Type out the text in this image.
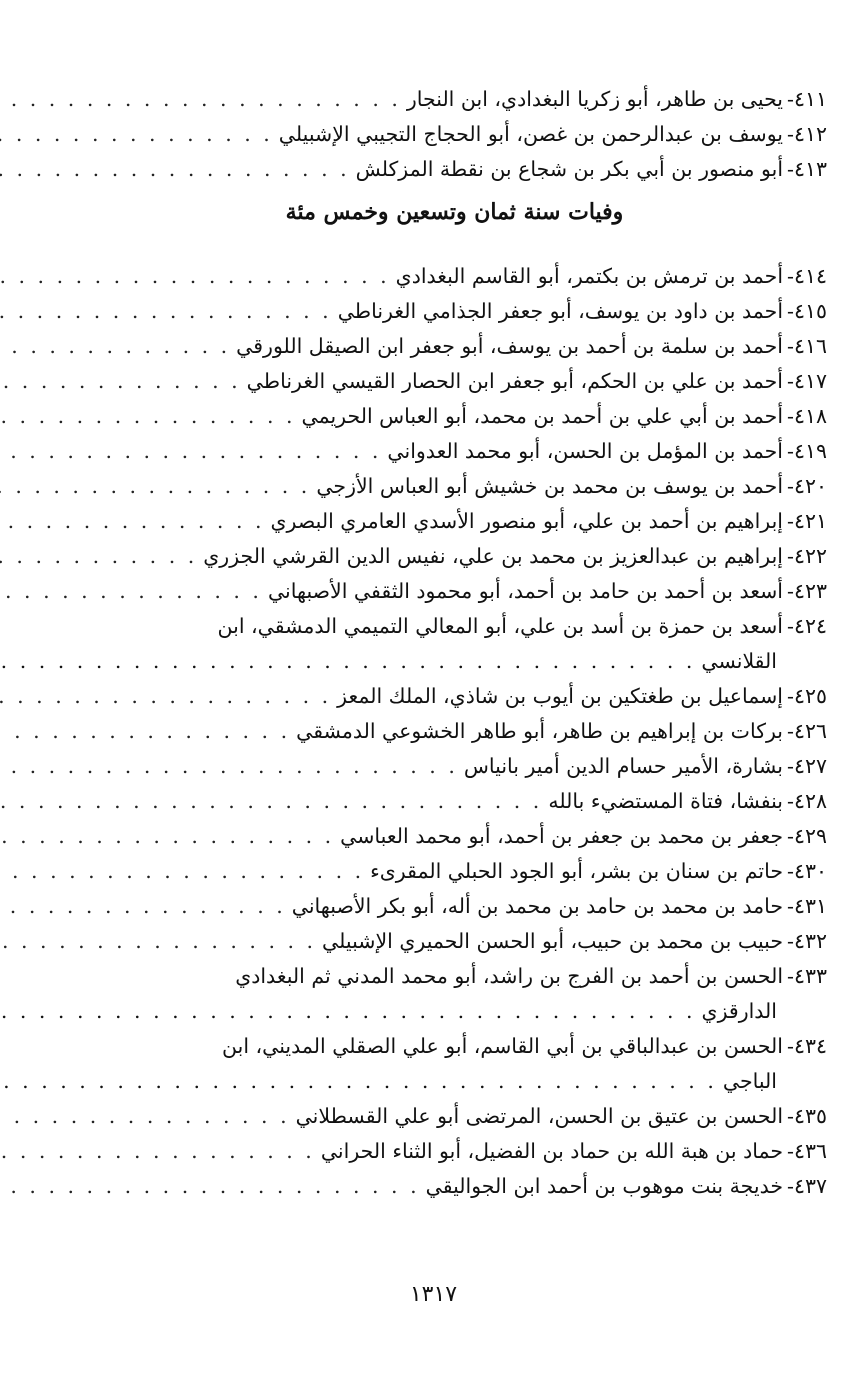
٤١١-
يحيى بن طاهر، أبو زكريا البغدادي، ابن النجار
. . .
٤١٢-
يوسف بن عبدالرحمن بن غصن، أبو الحجاج التجيبي الإشبيلي
. . .
٤١٣-
أبو منصور بن أبي بكر بن شجاع بن نقطة المزكلش
. . .
وفيات سنة ثمان وتسعين وخمس مئة
٤١٤-
أحمد بن ترمش بن بكتمر، أبو القاسم البغدادي
. . .
٤١٥-
أحمد بن داود بن يوسف، أبو جعفر الجذامي الغرناطي
. . .
٤١٦-
أحمد بن سلمة بن أحمد بن يوسف، أبو جعفر ابن الصيقل اللورقي
. . .
٤١٧-
أحمد بن علي بن الحكم، أبو جعفر ابن الحصار القيسي الغرناطي
. . .
٤١٨-
أحمد بن أبي علي بن أحمد بن محمد، أبو العباس الحريمي
. . .
٤١٩-
أحمد بن المؤمل بن الحسن، أبو محمد العدواني
. . .
٤٢٠-
أحمد بن يوسف بن محمد بن خشيش أبو العباس الأزجي
. . .
٤٢١-
إبراهيم بن أحمد بن علي، أبو منصور الأسدي العامري البصري
. . .
٤٢٢-
إبراهيم بن عبدالعزيز بن محمد بن علي، نفيس الدين القرشي الجزري
. . .
٤٢٣-
أسعد بن أحمد بن حامد بن أحمد، أبو محمود الثقفي الأصبهاني
. . .
٤٢٤-
أسعد بن حمزة بن أسد بن علي، أبو المعالي التميمي الدمشقي، ابن
القلانسي
. . .
٤٢٥-
إسماعيل بن طغتكين بن أيوب بن شاذي، الملك المعز
. . .
٤٢٦-
بركات بن إبراهيم بن طاهر، أبو طاهر الخشوعي الدمشقي
. . .
٤٢٧-
بشارة، الأمير حسام الدين أمير بانياس
. . .
٤٢٨-
بنفشا، فتاة المستضيء بالله
. . .
٤٢٩-
جعفر بن محمد بن جعفر بن أحمد، أبو محمد العباسي
. . .
٤٣٠-
حاتم بن سنان بن بشر، أبو الجود الحبلي المقرىء
. . .
٤٣١-
حامد بن محمد بن حامد بن محمد بن أله، أبو بكر الأصبهاني
. . .
٤٣٢-
حبيب بن محمد بن حبيب، أبو الحسن الحميري الإشبيلي
. . .
٤٣٣-
الحسن بن أحمد بن الفرج بن راشد، أبو محمد المدني ثم البغدادي
الدارقزي
. . .
٤٣٤-
الحسن بن عبدالباقي بن أبي القاسم، أبو علي الصقلي المديني، ابن
الباجي
. . .
٤٣٥-
الحسن بن عتيق بن الحسن، المرتضى أبو علي القسطلاني
. . .
٤٣٦-
حماد بن هبة الله بن حماد بن الفضيل، أبو الثناء الحراني
. . .
٤٣٧-
خديجة بنت موهوب بن أحمد ابن الجواليقي
. . .
١٣١٧
